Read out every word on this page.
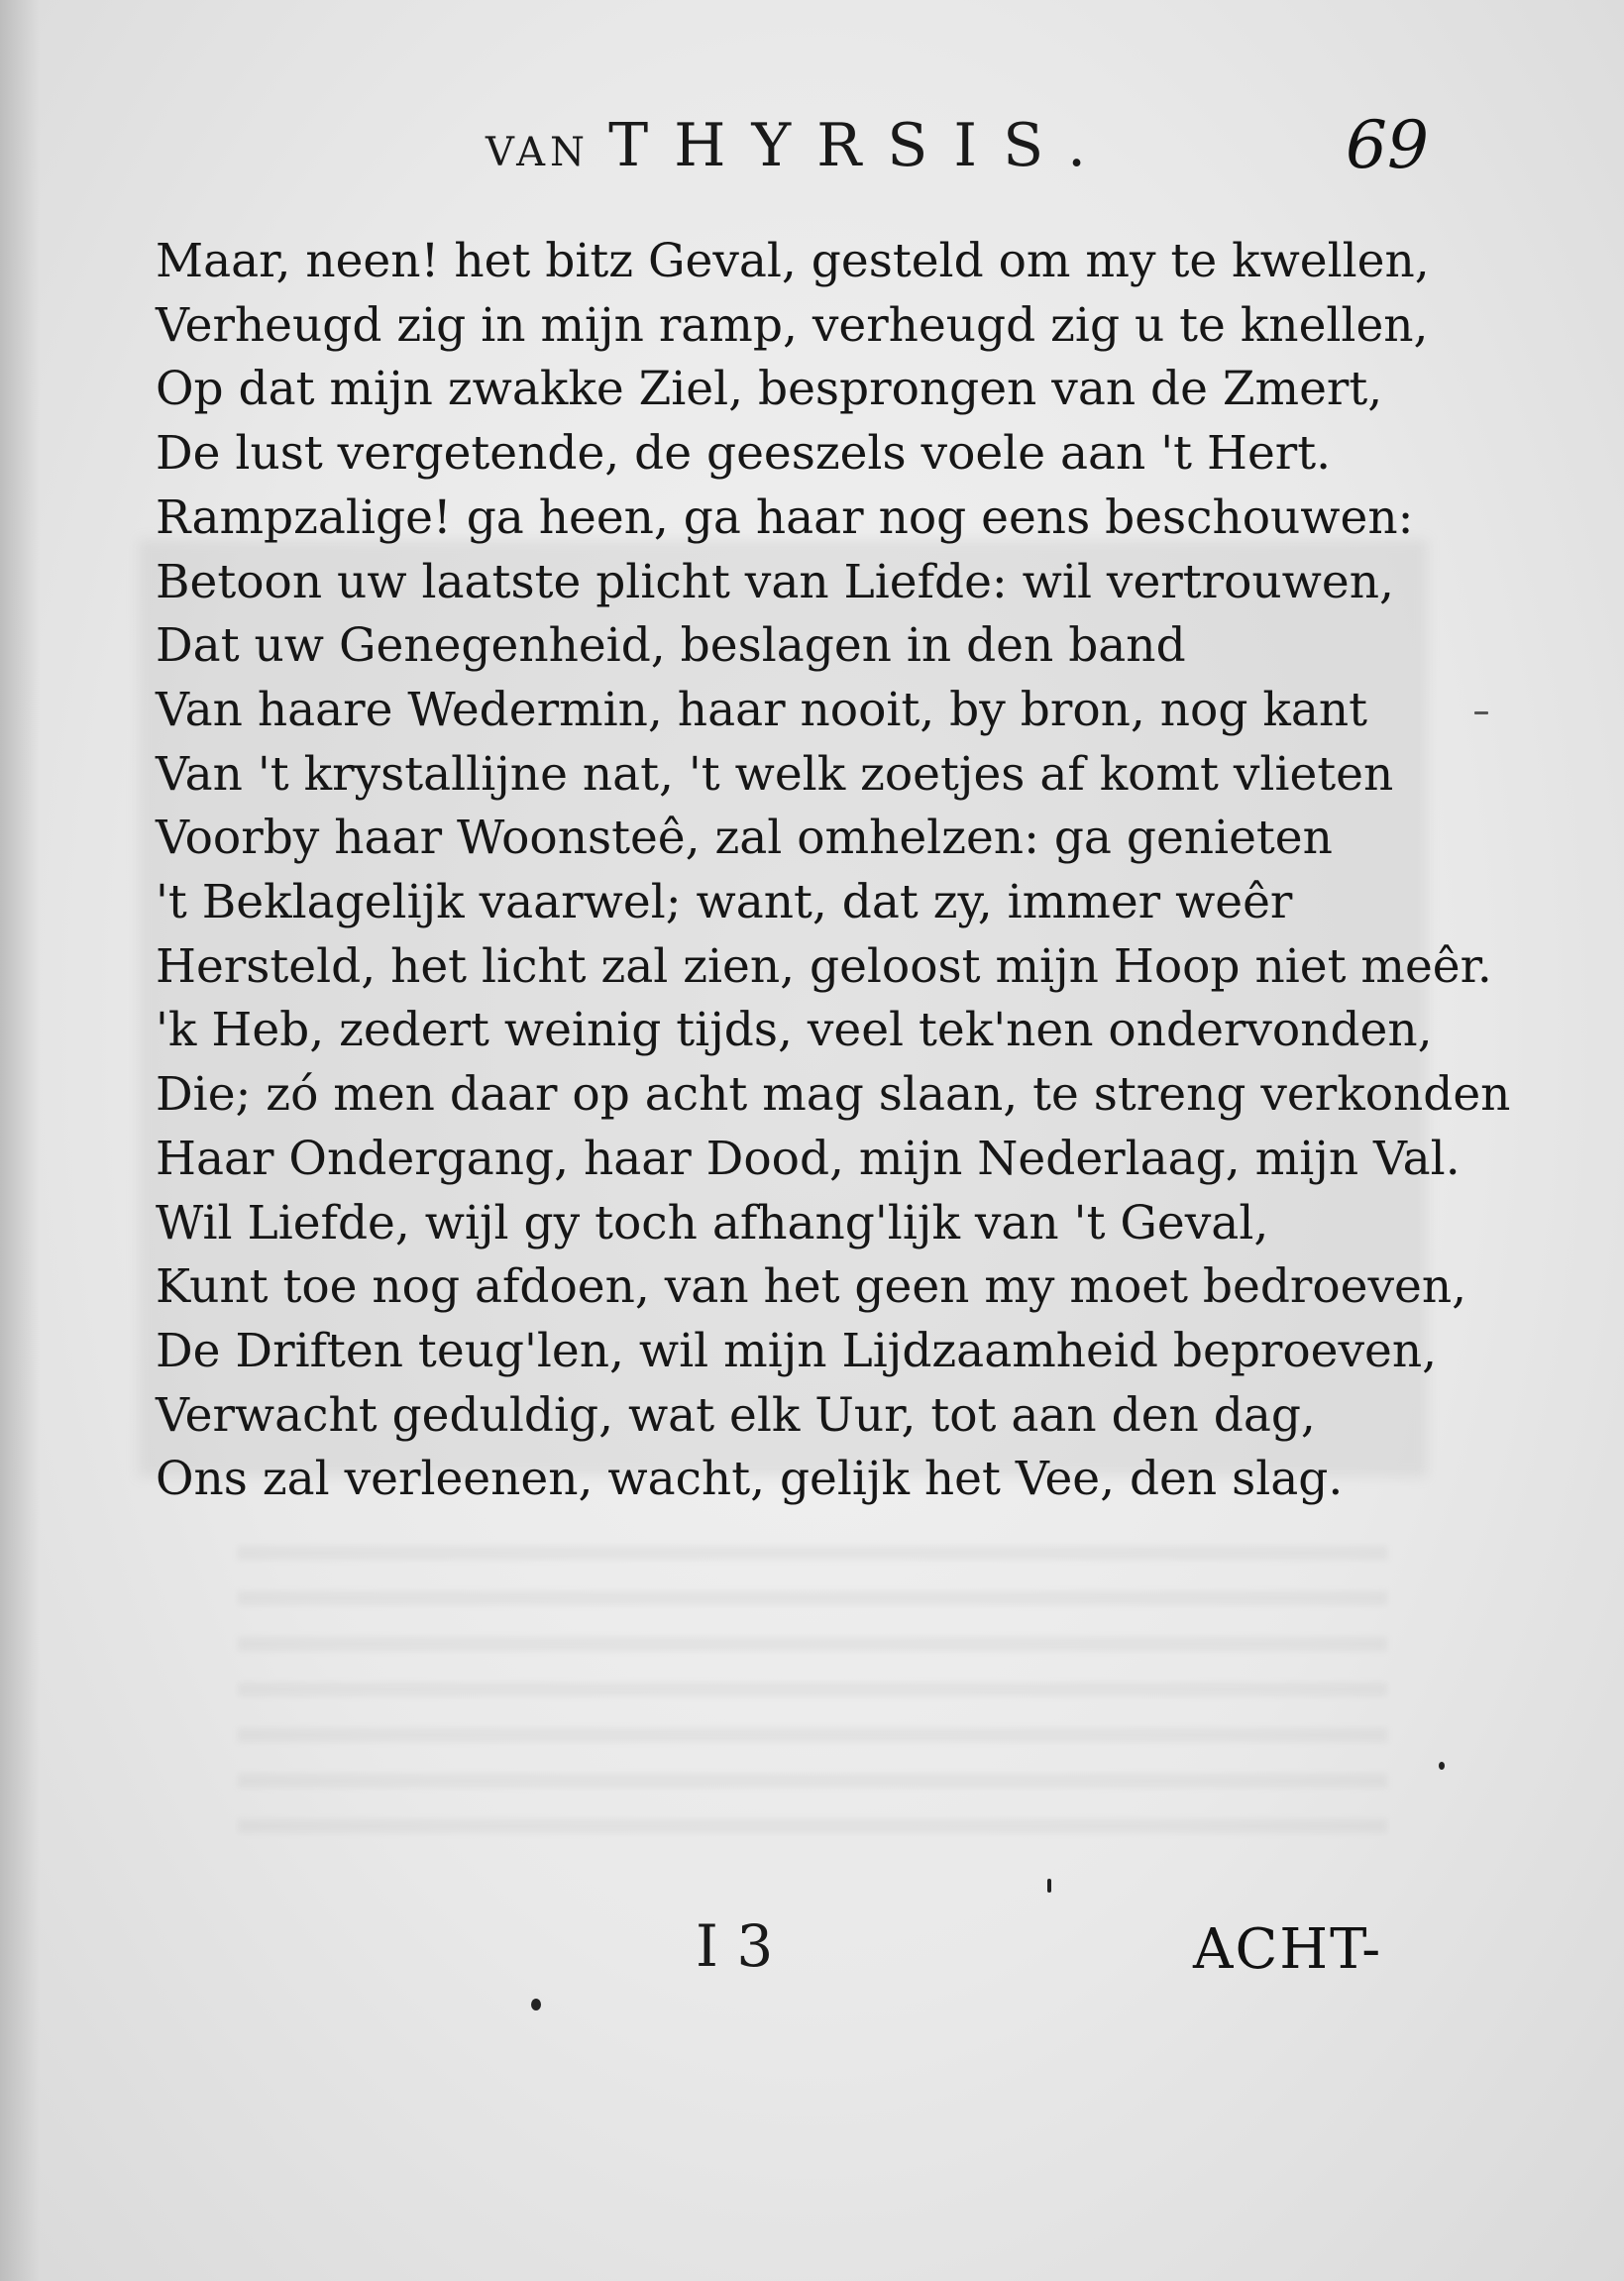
VAN THYRSIS.	69
Maar, neen! het bitz Geval, gesteld om my te kwellen,
Verheugd zig in mijn ramp, verheugd zig u te knellen,
Op dat mijn zwakke Ziel, besprongen van de Zmert,
De lust vergetende, de geeszels voele aan 't Hert.
Rampzalige! ga heen, ga haar nog eens beschouwen:
Betoon uw laatste plicht van Liefde: wil vertrouwen,
Dat uw Genegenheid, beslagen in den band
Van haare Wedermin, haar nooit, by bron, nog kant
Van 't krystallijne nat, 't welk zoetjes af komt vlieten
Voorby haar Woonsteê, zal omhelzen: ga genieten
't Beklagelijk vaarwel; want, dat zy, immer weêr
Hersteld, het licht zal zien, geloost mijn Hoop niet meêr.
'k Heb, zedert weinig tijds, veel tek'nen ondervonden,
Die; zó men daar op acht mag slaan, te streng verkonden
Haar Ondergang, haar Dood, mijn Nederlaag, mijn Val.
Wil Liefde, wijl gy toch afhang'lijk van 't Geval,
Kunt toe nog afdoen, van het geen my moet bedroeven,
De Driften teug'len, wil mijn Lijdzaamheid beproeven,
Verwacht geduldig, wat elk Uur, tot aan den dag,
Ons zal verleenen, wacht, gelijk het Vee, den slag.
I 3	ACHT-
